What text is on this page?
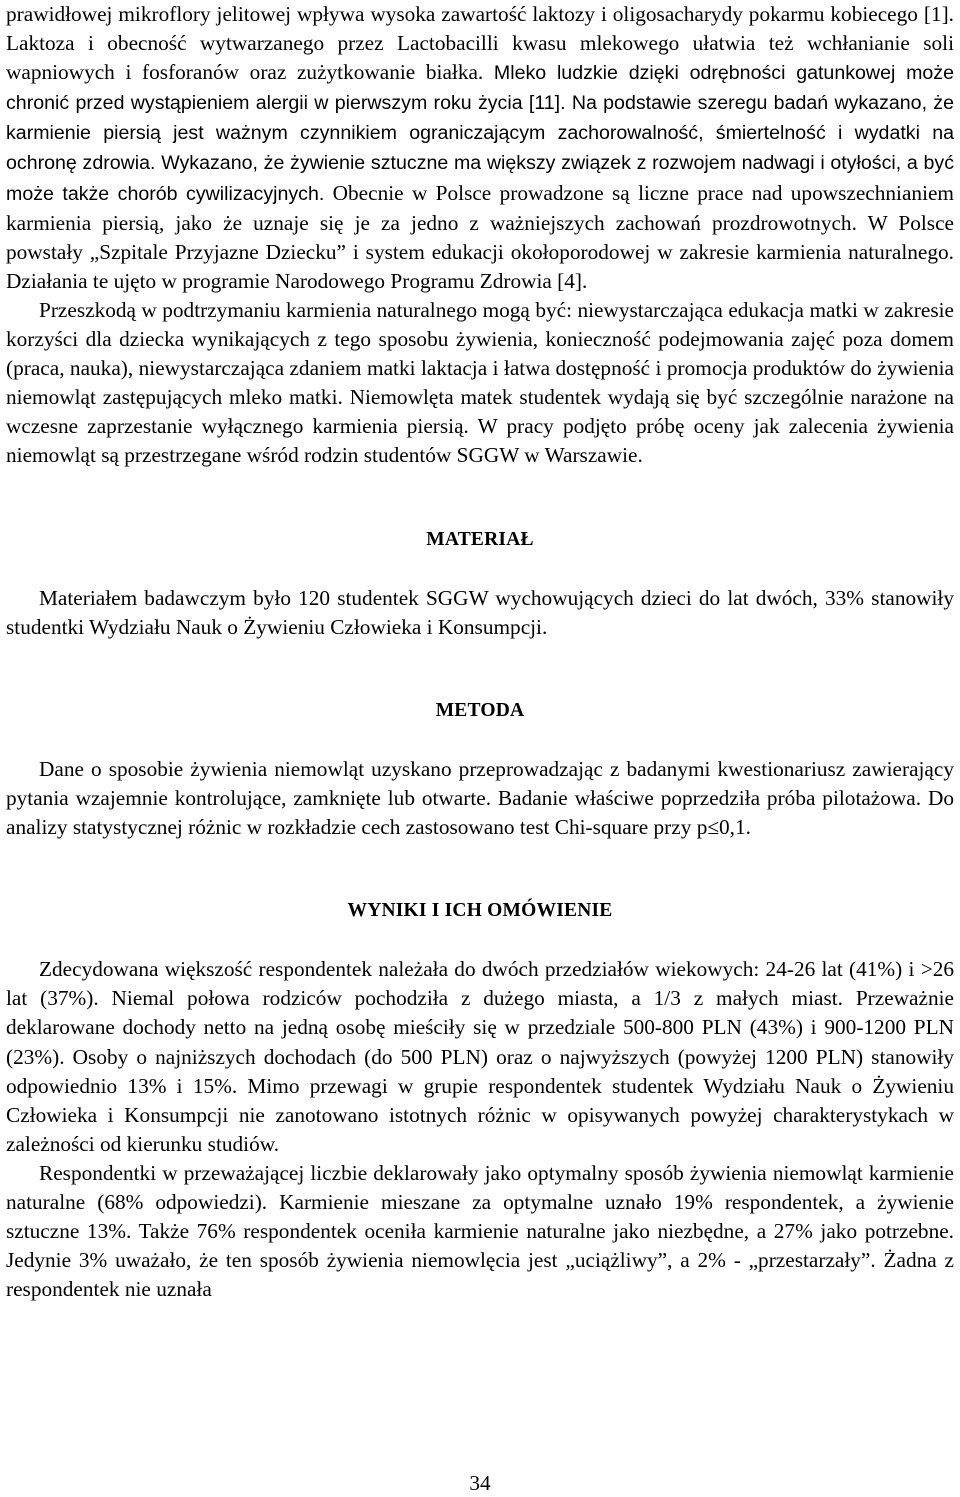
prawidłowej mikroflory jelitowej wpływa wysoka zawartość laktozy i oligosacharydy pokarmu kobiecego [1]. Laktoza i obecność wytwarzanego przez Lactobacilli kwasu mlekowego ułatwia też wchłanianie soli wapniowych i fosforanów oraz zużytkowanie białka. Mleko ludzkie dzięki odrębności gatunkowej może chronić przed wystąpieniem alergii w pierwszym roku życia [11]. Na podstawie szeregu badań wykazano, że karmienie piersią jest ważnym czynnikiem ograniczającym zachorowalność, śmiertelność i wydatki na ochronę zdrowia. Wykazano, że żywienie sztuczne ma większy związek z rozwojem nadwagi i otyłości, a być może także chorób cywilizacyjnych. Obecnie w Polsce prowadzone są liczne prace nad upowszechnianiem karmienia piersią, jako że uznaje się je za jedno z ważniejszych zachowań prozdrowotnych. W Polsce powstały „Szpitale Przyjazne Dziecku” i system edukacji okołoporodowej w zakresie karmienia naturalnego. Działania te ujęto w programie Narodowego Programu Zdrowia [4].

Przeszkodą w podtrzymaniu karmienia naturalnego mogą być: niewystarczająca edukacja matki w zakresie korzyści dla dziecka wynikających z tego sposobu żywienia, konieczność podejmowania zajęć poza domem (praca, nauka), niewystarczająca zdaniem matki laktacja i łatwa dostępność i promocja produktów do żywienia niemowląt zastępujących mleko matki. Niemowlęta matek studentek wydają się być szczególnie narażone na wczesne zaprzestanie wyłącznego karmienia piersią. W pracy podjęto próbę oceny jak zalecenia żywienia niemowląt są przestrzegane wśród rodzin studentów SGGW w Warszawie.

MATERIAŁ

Materiałem badawczym było 120 studentek SGGW wychowujących dzieci do lat dwóch, 33% stanowiły studentki Wydziału Nauk o Żywieniu Człowieka i Konsumpcji.

METODA

Dane o sposobie żywienia niemowląt uzyskano przeprowadzając z badanymi kwestionariusz zawierający pytania wzajemnie kontrolujące, zamknięte lub otwarte. Badanie właściwe poprzedziła próba pilotażowa. Do analizy statystycznej różnic w rozkładzie cech zastosowano test Chi-square przy p≤0,1.

WYNIKI I ICH OMÓWIENIE

Zdecydowana większość respondentek należała do dwóch przedziałów wiekowych: 24-26 lat (41%) i >26 lat (37%). Niemal połowa rodziców pochodziła z dużego miasta, a 1/3 z małych miast. Przeważnie deklarowane dochody netto na jedną osobę mieściły się w przedziale 500-800 PLN (43%) i 900-1200 PLN (23%). Osoby o najniższych dochodach (do 500 PLN) oraz o najwyższych (powyżej 1200 PLN) stanowiły odpowiednio 13% i 15%. Mimo przewagi w grupie respondentek studentek Wydziału Nauk o Żywieniu Człowieka i Konsumpcji nie zanotowano istotnych różnic w opisywanych powyżej charakterystykach w zależności od kierunku studiów.

Respondentki w przeważającej liczbie deklarowały jako optymalny sposób żywienia niemowląt karmienie naturalne (68% odpowiedzi). Karmienie mieszane za optymalne uznało 19% respondentek, a żywienie sztuczne 13%. Także 76% respondentek oceniła karmienie naturalne jako niezbędne, a 27% jako potrzebne. Jedynie 3% uważało, że ten sposób żywienia niemowlęcia jest „uciążliwy”, a 2% - „przestarzały”. Żadna z respondentek nie uznała

34
